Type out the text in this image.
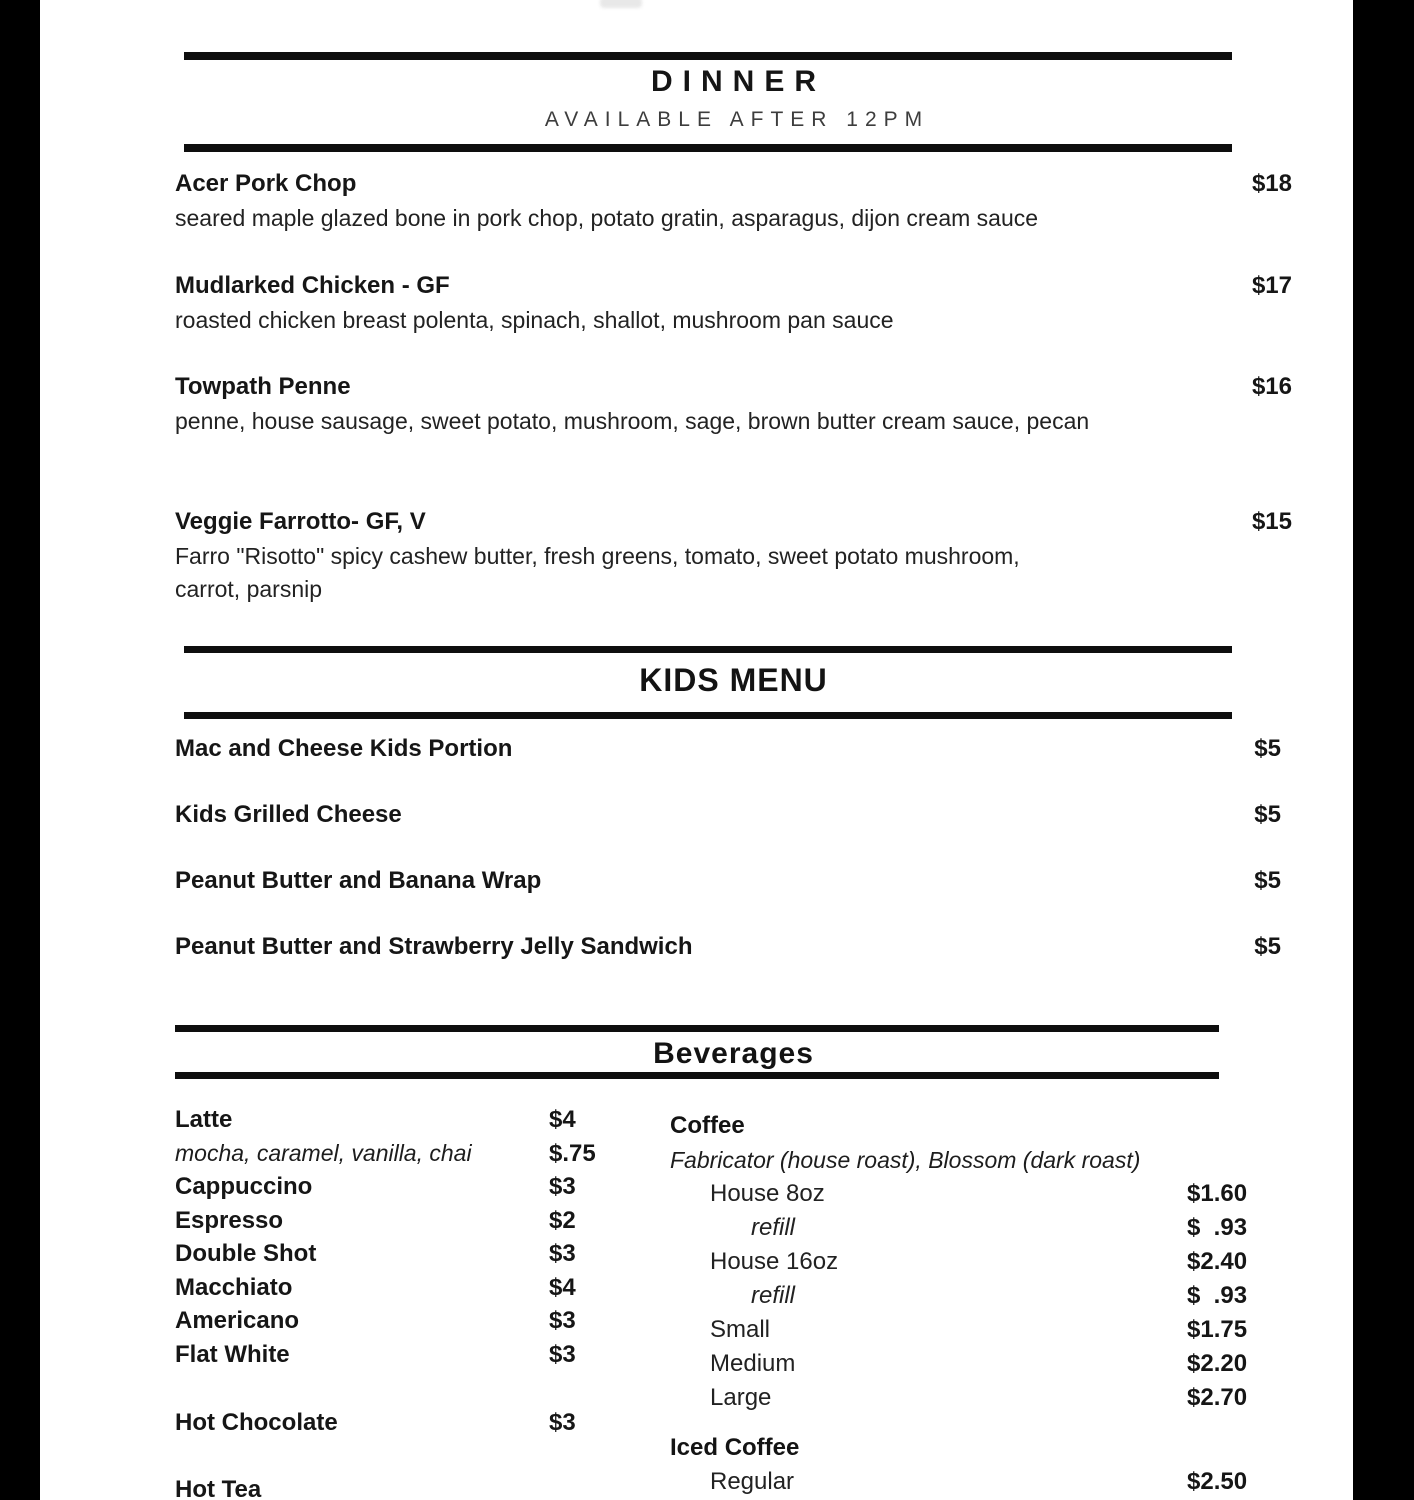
DINNER
AVAILABLE AFTER 12PM
Acer Pork Chop	$18
seared maple glazed bone in pork chop, potato gratin, asparagus, dijon cream sauce
Mudlarked Chicken - GF	$17
roasted chicken breast polenta, spinach, shallot, mushroom pan sauce
Towpath Penne	$16
penne, house sausage, sweet potato, mushroom, sage, brown butter cream sauce, pecan
Veggie Farrotto- GF, V	$15
Farro "Risotto" spicy cashew butter, fresh greens, tomato, sweet potato mushroom,
carrot, parsnip
KIDS MENU
Mac and Cheese Kids Portion	$5
Kids Grilled Cheese	$5
Peanut Butter and Banana Wrap	$5
Peanut Butter and Strawberry Jelly Sandwich	$5
Beverages
Latte	$4
mocha, caramel, vanilla, chai	$.75
Cappuccino	$3
Espresso	$2
Double Shot	$3
Macchiato	$4
Americano	$3
Flat White	$3
Hot Chocolate	$3
Hot Tea
Coffee
Fabricator (house roast), Blossom (dark roast)
House 8oz	$1.60
refill	$  .93
House 16oz	$2.40
refill	$  .93
Small	$1.75
Medium	$2.20
Large	$2.70
Iced Coffee
Regular	$2.50
